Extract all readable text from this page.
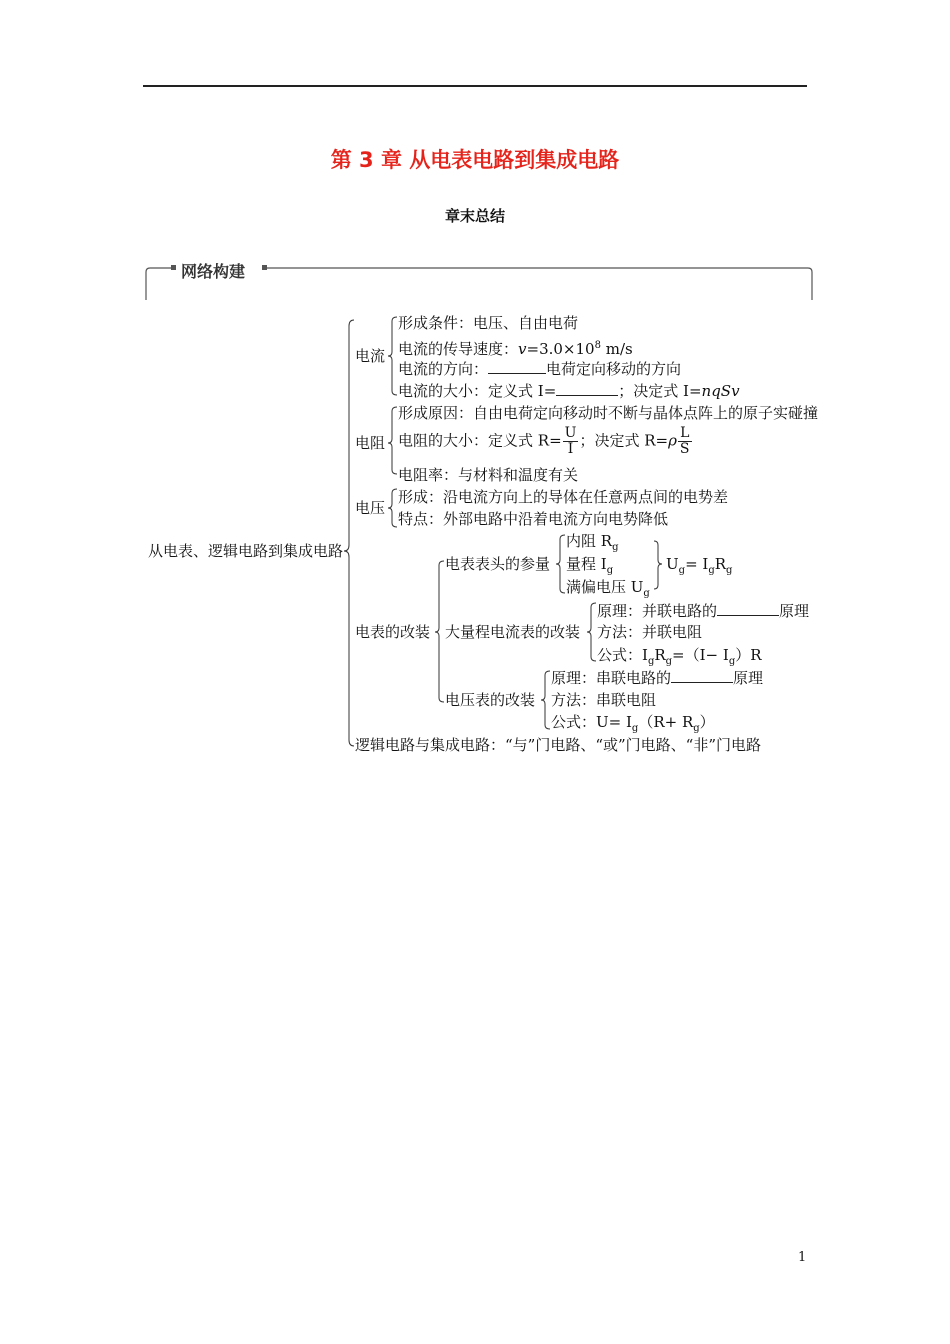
第 3 章 从电表电路到集成电路
章末总结
网络构建
从电表、逻辑电路到集成电路
电流
形成条件：电压、自由电荷
电流的传导速度：$v=3.0\times 10^8$ m/s
电流的方向：	电荷定向移动的方向
电流的大小：定义式 I=	；决定式 I=nqSv
电阻
形成原因：自由电荷定向移动时不断与晶体点阵上的原子实碰撞
电阻的大小：定义式 $R= \frac{U}{I}$ ；决定式 $R=\rho \frac{L}{S}$
电阻率：与材料和温度有关
电压
形成：沿电流方向上的导体在任意两点间的电势差
特点：外部电路中沿着电流方向电势降低
电表的改装
电表表头的参量
内阻 $R_g$
量程 $I_g$
满偏电压 $U_g$
$U_g= I_gR_g$
大量程电流表的改装
原理：并联电路的	原理
方法：并联电阻
公式：$I_gR_g=(I- I_g)R$
电压表的改装
原理：串联电路的	原理
方法：串联电阻
公式：$U= I_g(R+ R_g)$
逻辑电路与集成电路：“与”门电路、“或”门电路、“非”门电路
1
